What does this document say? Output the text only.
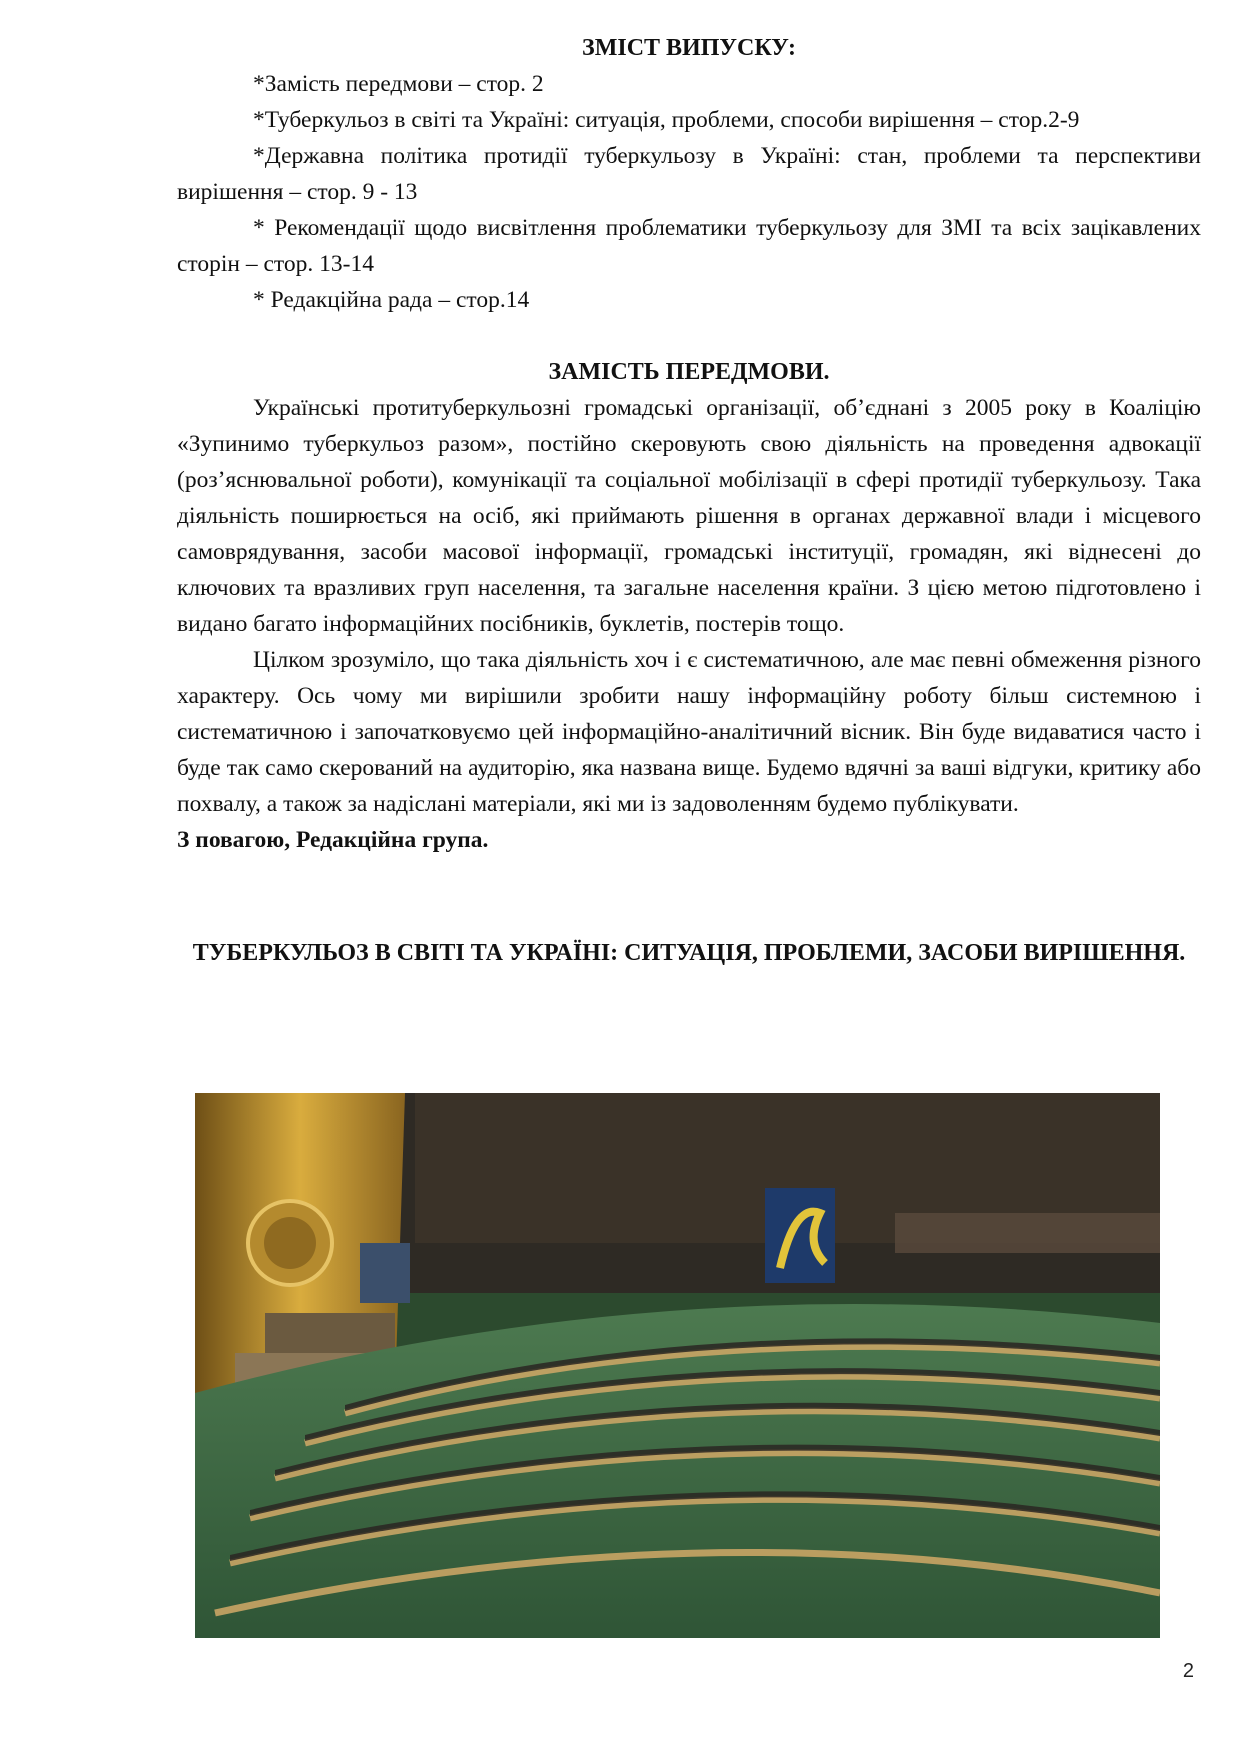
ЗМІСТ ВИПУСКУ:

*Замість передмови – стор. 2

*Туберкульоз в світі та Україні: ситуація, проблеми, способи вирішення – стор.2-9

*Державна політика протидії туберкульозу в Україні: стан, проблеми та перспективи вирішення – стор. 9 - 13

* Рекомендації щодо висвітлення проблематики туберкульозу для ЗМІ та всіх зацікавлених сторін – стор. 13-14

* Редакційна рада – стор.14

ЗАМІСТЬ ПЕРЕДМОВИ.

Українські протитуберкульозні громадські організації, об’єднані з 2005 року в Коаліцію «Зупинимо туберкульоз разом», постійно скеровують свою діяльність на проведення адвокації (роз’яснювальної роботи), комунікації та соціальної мобілізації в сфері протидії туберкульозу. Така діяльність поширюється на осіб, які приймають рішення в органах державної влади і місцевого самоврядування, засоби масової інформації, громадські інституції, громадян, які віднесені до ключових та вразливих груп населення, та загальне населення країни. З цією метою підготовлено і видано багато інформаційних посібників, буклетів, постерів тощо.

Цілком зрозуміло, що така діяльність хоч і є систематичною, але має певні обмеження різного характеру. Ось чому ми вирішили зробити нашу інформаційну роботу більш системною і систематичною і започатковуємо цей інформаційно-аналітичний вісник. Він буде видаватися часто і буде так само скерований на аудиторію, яка названа вище. Будемо вдячні за ваші відгуки, критику або похвалу, а також за надіслані матеріали, які ми із задоволенням будемо публікувати.

З повагою, Редакційна група.

ТУБЕРКУЛЬОЗ В СВІТІ ТА УКРАЇНІ: СИТУАЦІЯ, ПРОБЛЕМИ, ЗАСОБИ ВИРІШЕННЯ.

2
